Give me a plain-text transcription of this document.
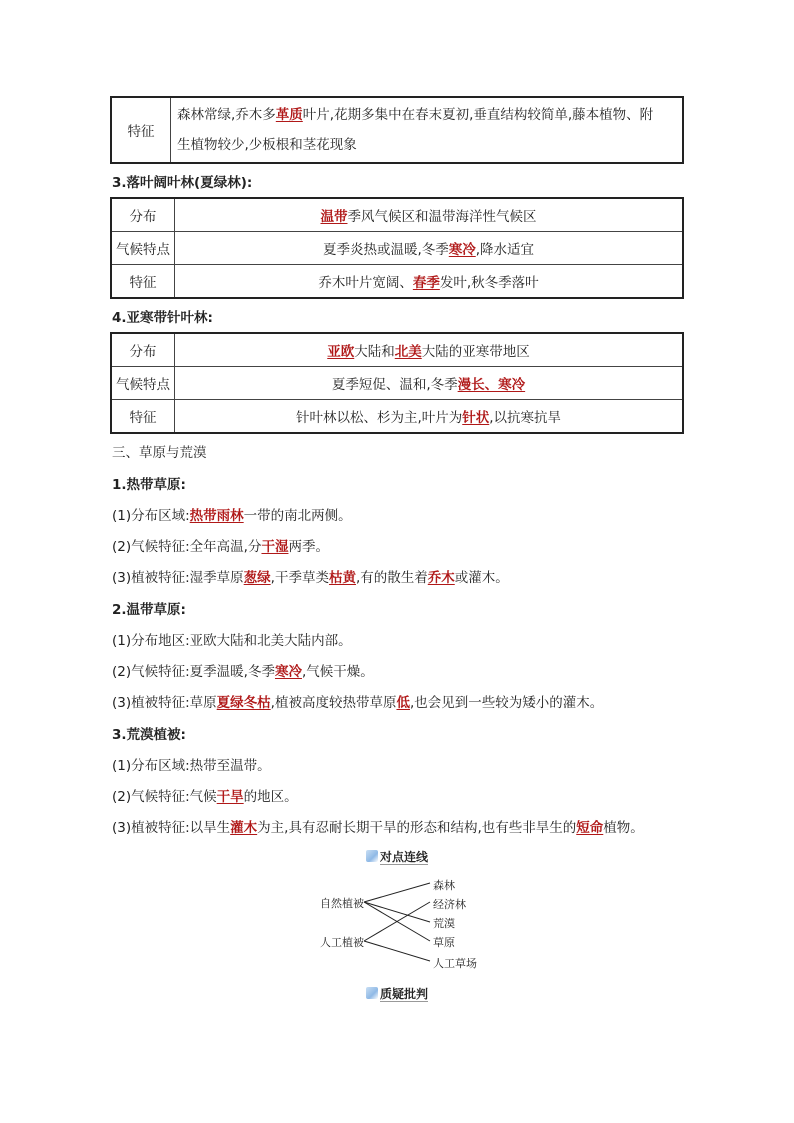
特征	森林常绿,乔木多革质叶片,花期多集中在春末夏初,垂直结构较简单,藤本植物、附
生植物较少,少板根和茎花现象
3.落叶阔叶林(夏绿林):
分布	温带季风气候区和温带海洋性气候区
气候特点	夏季炎热或温暖,冬季寒冷,降水适宜
特征	乔木叶片宽阔、春季发叶,秋冬季落叶
4.亚寒带针叶林:
分布	亚欧大陆和北美大陆的亚寒带地区
气候特点	夏季短促、温和,冬季漫长、寒冷
特征	针叶林以松、杉为主,叶片为针状,以抗寒抗旱
三、草原与荒漠
1.热带草原:
(1)分布区域:热带雨林一带的南北两侧。
(2)气候特征:全年高温,分干湿两季。
(3)植被特征:湿季草原葱绿,干季草类枯黄,有的散生着乔木或灌木。
2.温带草原:
(1)分布地区:亚欧大陆和北美大陆内部。
(2)气候特征:夏季温暖,冬季寒冷,气候干燥。
(3)植被特征:草原夏绿冬枯,植被高度较热带草原低,也会见到一些较为矮小的灌木。
3.荒漠植被:
(1)分布区域:热带至温带。
(2)气候特征:气候干旱的地区。
(3)植被特征:以旱生灌木为主,具有忍耐长期干旱的形态和结构,也有些非旱生的短命植物。
对点连线
自然植被
人工植被
森林
经济林
荒漠
草原
人工草场
质疑批判
